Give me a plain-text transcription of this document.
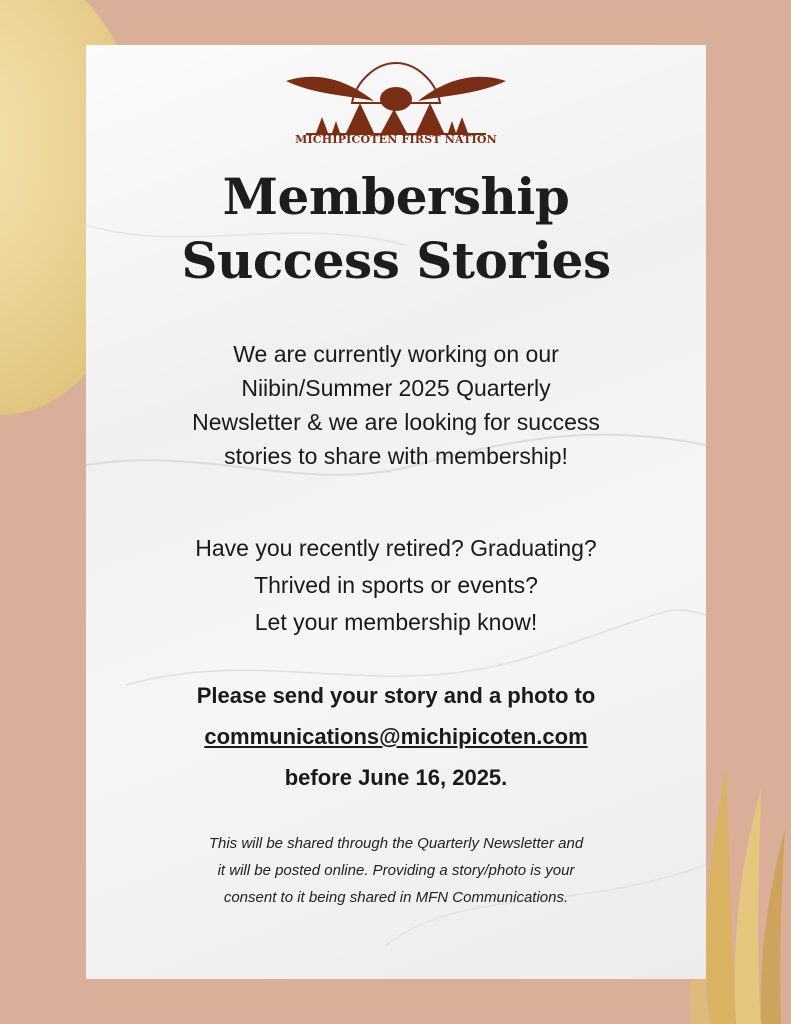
MICHIPICOTEN FIRST NATION
Membership
Success Stories
We are currently working on our
Niibin/Summer 2025 Quarterly
Newsletter & we are looking for success
stories to share with membership!
Have you recently retired? Graduating?
Thrived in sports or events?
Let your membership know!
Please send your story and a photo to
communications@michipicoten.com
before June 16, 2025.
This will be shared through the Quarterly Newsletter and
it will be posted online. Providing a story/photo is your
consent to it being shared in MFN Communications.
